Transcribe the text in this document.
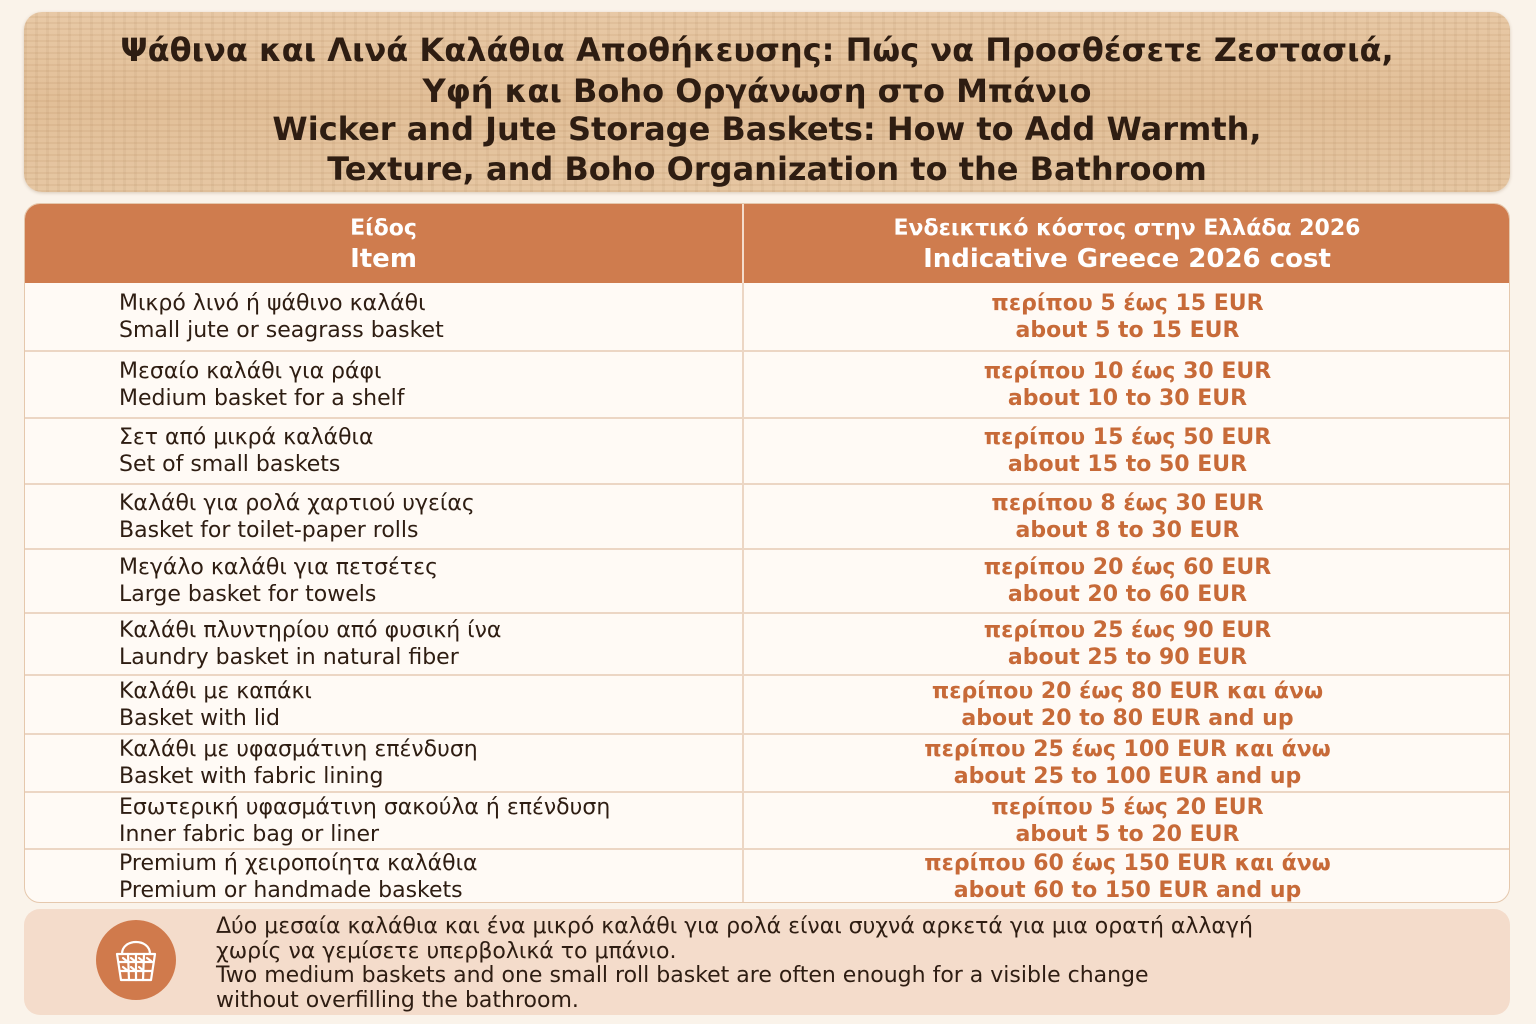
Ψάθινα και Λινά Καλάθια Αποθήκευσης: Πώς να Προσθέσετε Ζεστασιά,
Υφή και Boho Οργάνωση στο Μπάνιο
Wicker and Jute Storage Baskets: How to Add Warmth,
Texture, and Boho Organization to the Bathroom
Είδος
Item
Ενδεικτικό κόστος στην Ελλάδα 2026
Indicative Greece 2026 cost
Μικρό λινό ή ψάθινο καλάθι
Small jute or seagrass basket
περίπου 5 έως 15 EUR
about 5 to 15 EUR
Μεσαίο καλάθι για ράφι
Medium basket for a shelf
περίπου 10 έως 30 EUR
about 10 to 30 EUR
Σετ από μικρά καλάθια
Set of small baskets
περίπου 15 έως 50 EUR
about 15 to 50 EUR
Καλάθι για ρολά χαρτιού υγείας
Basket for toilet-paper rolls
περίπου 8 έως 30 EUR
about 8 to 30 EUR
Μεγάλο καλάθι για πετσέτες
Large basket for towels
περίπου 20 έως 60 EUR
about 20 to 60 EUR
Καλάθι πλυντηρίου από φυσική ίνα
Laundry basket in natural fiber
περίπου 25 έως 90 EUR
about 25 to 90 EUR
Καλάθι με καπάκι
Basket with lid
περίπου 20 έως 80 EUR και άνω
about 20 to 80 EUR and up
Καλάθι με υφασμάτινη επένδυση
Basket with fabric lining
περίπου 25 έως 100 EUR και άνω
about 25 to 100 EUR and up
Εσωτερική υφασμάτινη σακούλα ή επένδυση
Inner fabric bag or liner
περίπου 5 έως 20 EUR
about 5 to 20 EUR
Premium ή χειροποίητα καλάθια
Premium or handmade baskets
περίπου 60 έως 150 EUR και άνω
about 60 to 150 EUR and up
Δύο μεσαία καλάθια και ένα μικρό καλάθι για ρολά είναι συχνά αρκετά για μια ορατή αλλαγή
χωρίς να γεμίσετε υπερβολικά το μπάνιο.
Two medium baskets and one small roll basket are often enough for a visible change
without overfilling the bathroom.
